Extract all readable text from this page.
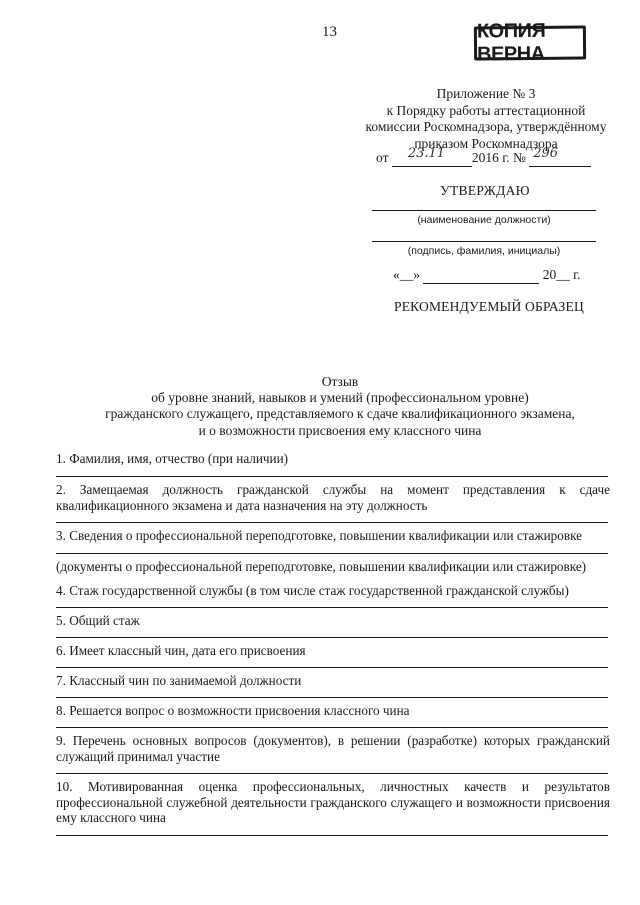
13	КОПИЯ ВЕРНА
Приложение № 3
к Порядку работы аттестационной
комиссии Роскомнадзора, утверждённому
приказом Роскомнадзора
от 23.11 2016 г. № 296

УТВЕРЖДАЮ
(наименование должности)
(подпись, фамилия, инициалы)
«__»	20__ г.
РЕКОМЕНДУЕМЫЙ ОБРАЗЕЦ
Отзыв
об уровне знаний, навыков и умений (профессиональном уровне)
гражданского служащего, представляемого к сдаче квалификационного экзамена,
и о возможности присвоения ему классного чина
1. Фамилия, имя, отчество (при наличии)
2. Замещаемая должность гражданской службы на момент представления к сдаче
квалификационного экзамена и дата назначения на эту должность
3. Сведения о профессиональной переподготовке, повышении квалификации или стажировке
(документы о профессиональной переподготовке, повышении квалификации или стажировке)
4. Стаж государственной службы (в том числе стаж государственной гражданской службы)
5. Общий стаж
6. Имеет классный чин, дата его присвоения
7. Классный чин по занимаемой должности
8. Решается вопрос о возможности присвоения классного чина
9. Перечень основных вопросов (документов), в решении (разработке) которых гражданский
служащий принимал участие
10. Мотивированная оценка профессиональных, личностных качеств и результатов
профессиональной служебной деятельности гражданского служащего и возможности присвоения
ему классного чина
